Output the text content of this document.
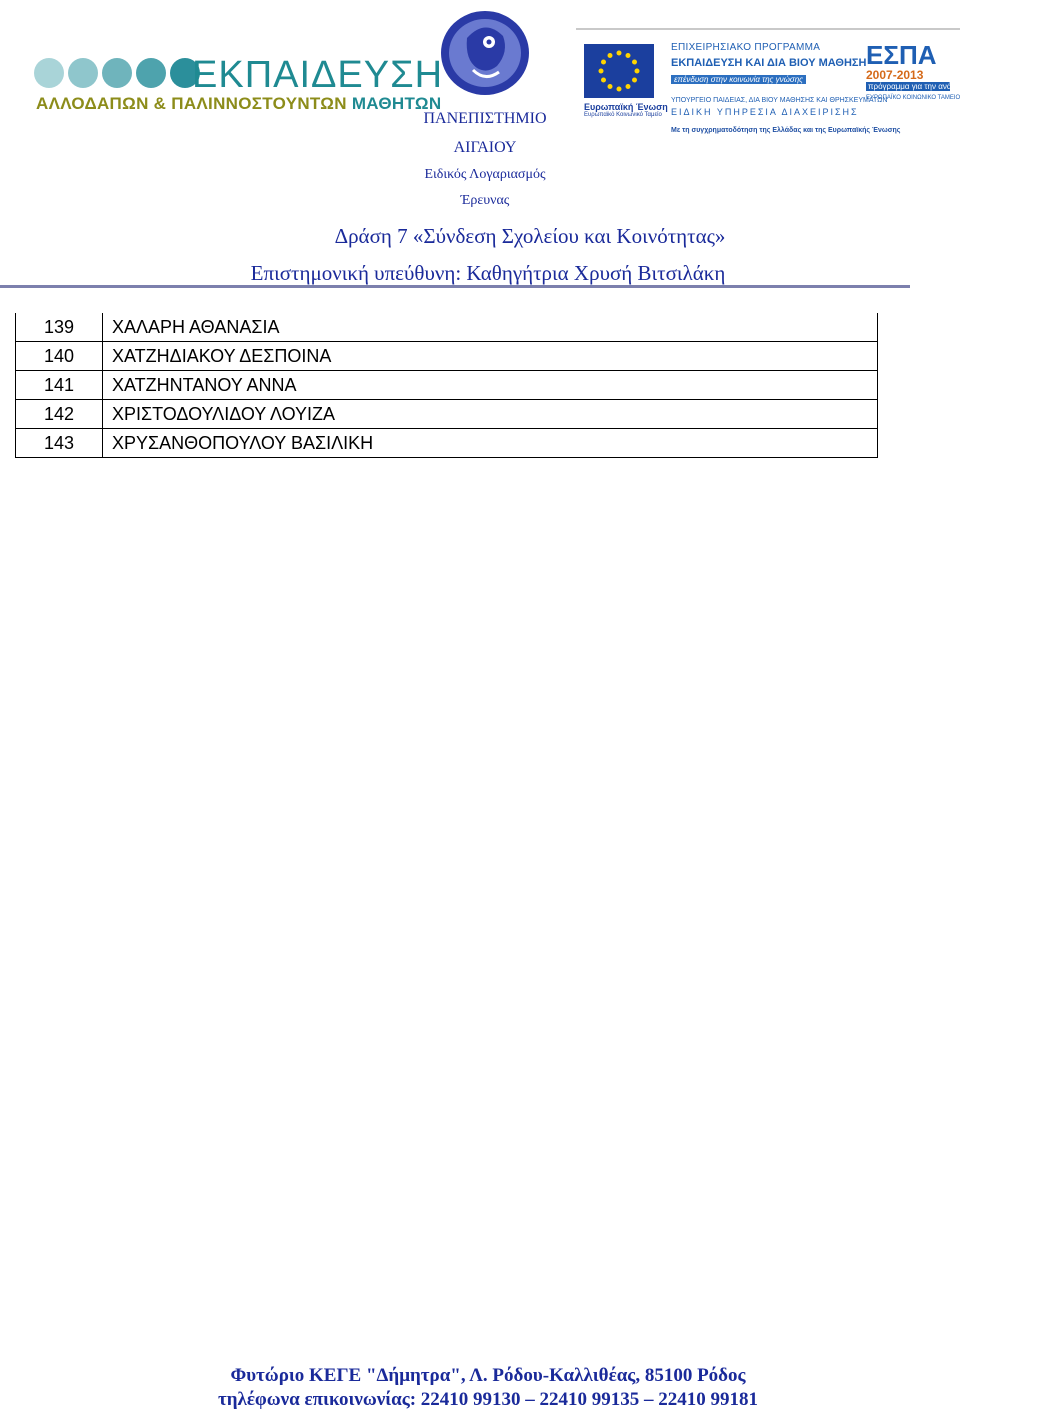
ΕΚΠΑΙΔΕΥΣΗ
ΑΛΛΟΔΑΠΩΝ & ΠΑΛΙΝΝΟΣΤΟΥΝΤΩΝ ΜΑΘΗΤΩΝ
ΠΑΝΕΠΙΣΤΗΜΙΟ
ΑΙΓΑΙΟΥ
Ειδικός Λογαριασμός
Έρευνας
Ευρωπαϊκή Ένωση
Ευρωπαϊκό Κοινωνικό Ταμείο
ΕΠΙΧΕΙΡΗΣΙΑΚΟ ΠΡΟΓΡΑΜΜΑ
ΕΚΠΑΙΔΕΥΣΗ ΚΑΙ ΔΙΑ ΒΙΟΥ ΜΑΘΗΣΗ
επένδυση στην κοινωνία της γνώσης
ΥΠΟΥΡΓΕΙΟ ΠΑΙΔΕΙΑΣ, ΔΙΑ ΒΙΟΥ ΜΑΘΗΣΗΣ ΚΑΙ ΘΡΗΣΚΕΥΜΑΤΩΝ
ΕΙΔΙΚΗ ΥΠΗΡΕΣΙΑ ΔΙΑΧΕΙΡΙΣΗΣ
Με τη συγχρηματοδότηση της Ελλάδας και της Ευρωπαϊκής Ένωσης
ΕΣΠΑ
2007-2013
πρόγραμμα για την ανάπτυξη
ΕΥΡΩΠΑΪΚΟ ΚΟΙΝΩΝΙΚΟ ΤΑΜΕΙΟ
Δράση 7 «Σύνδεση Σχολείου και Κοινότητας»
Επιστημονική υπεύθυνη: Καθηγήτρια Χρυσή Βιτσιλάκη
139	ΧΑΛΑΡΗ ΑΘΑΝΑΣΙΑ
140	ΧΑΤΖΗΔΙΑΚΟΥ ΔΕΣΠΟΙΝΑ
141	ΧΑΤΖΗΝΤΑΝΟΥ ΑΝΝΑ
142	ΧΡΙΣΤΟΔΟΥΛΙΔΟΥ ΛΟΥΙΖΑ
143	ΧΡΥΣΑΝΘΟΠΟΥΛΟΥ ΒΑΣΙΛΙΚΗ
Φυτώριο ΚΕΓΕ "Δήμητρα", Λ. Ρόδου-Καλλιθέας, 85100 Ρόδος
τηλέφωνα επικοινωνίας: 22410 99130 – 22410 99135 – 22410 99181
